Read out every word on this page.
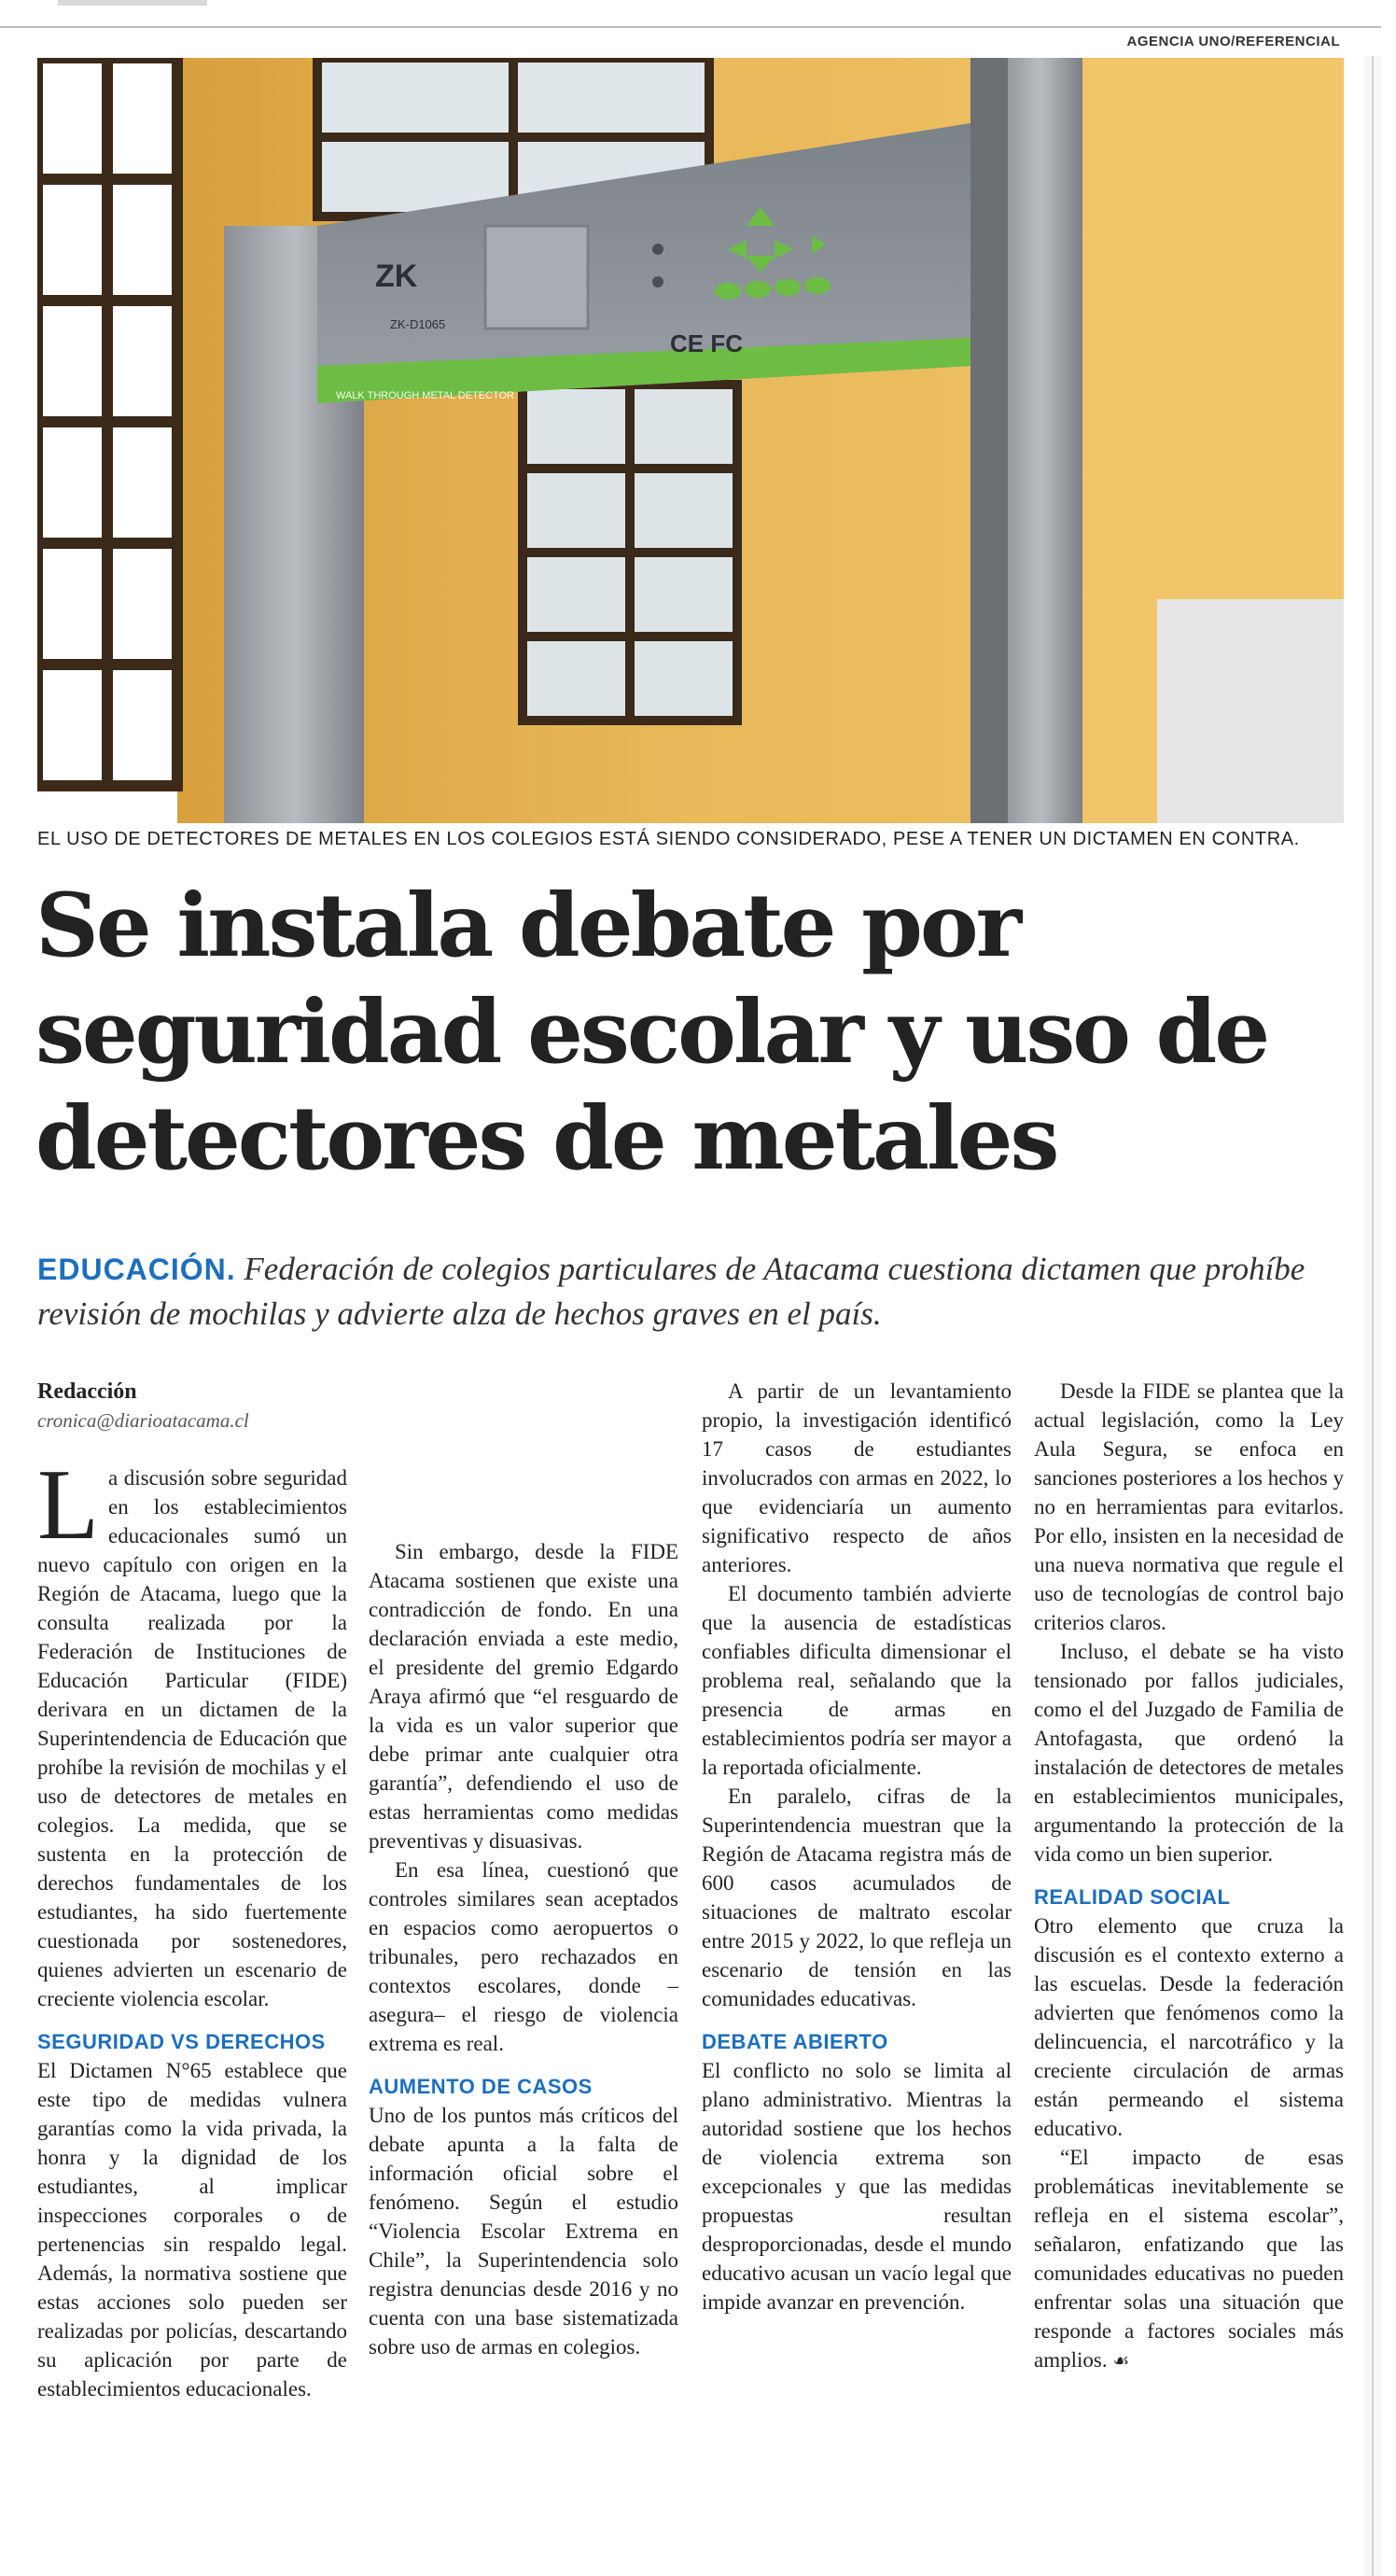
AGENCIA UNO/REFERENCIAL
ZK
ZK-D1065
CE FC
WALK THROUGH METAL DETECTOR
EL USO DE DETECTORES DE METALES EN LOS COLEGIOS ESTÁ SIENDO CONSIDERADO, PESE A TENER UN DICTAMEN EN CONTRA.
Se instala debate por
seguridad escolar y uso de
detectores de metales
EDUCACIÓN. Federación de colegios particulares de Atacama cuestiona dictamen que prohíbe revisión de mochilas y advierte alza de hechos graves en el país.

Redacción

cronica@diarioatacama.cl

La discusión sobre seguridad en los establecimientos educacionales sumó un nuevo capítulo con origen en la Región de Atacama, luego que la consulta realizada por la Federación de Instituciones de Educación Particular (FIDE) derivara en un dictamen de la Superintendencia de Educación que prohíbe la revisión de mochilas y el uso de detectores de metales en colegios. La medida, que se sustenta en la protección de derechos fundamentales de los estudiantes, ha sido fuertemente cuestionada por sostenedores, quienes advierten un escenario de creciente violencia escolar.

SEGURIDAD VS DERECHOS

El Dictamen N°65 establece que este tipo de medidas vulnera garantías como la vida privada, la honra y la dignidad de los estudiantes, al implicar inspecciones corporales o de pertenencias sin respaldo legal. Además, la normativa sostiene que estas acciones solo pueden ser realizadas por policías, descartando su aplicación por parte de establecimientos educacionales.

Sin embargo, desde la FIDE Atacama sostienen que existe una contradicción de fondo. En una declaración enviada a este medio, el presidente del gremio Edgardo Araya afirmó que “el resguardo de la vida es un valor superior que debe primar ante cualquier otra garantía”, defendiendo el uso de estas herramientas como medidas preventivas y disuasivas.

En esa línea, cuestionó que controles similares sean aceptados en espacios como aeropuertos o tribunales, pero rechazados en contextos escolares, donde –asegura– el riesgo de violencia extrema es real.

AUMENTO DE CASOS

Uno de los puntos más críticos del debate apunta a la falta de información oficial sobre el fenómeno. Según el estudio “Violencia Escolar Extrema en Chile”, la Superintendencia solo registra denuncias desde 2016 y no cuenta con una base sistematizada sobre uso de armas en colegios.

A partir de un levantamiento propio, la investigación identificó 17 casos de estudiantes involucrados con armas en 2022, lo que evidenciaría un aumento significativo respecto de años anteriores.

El documento también advierte que la ausencia de estadísticas confiables dificulta dimensionar el problema real, señalando que la presencia de armas en establecimientos podría ser mayor a la reportada oficialmente.

En paralelo, cifras de la Superintendencia muestran que la Región de Atacama registra más de 600 casos acumulados de situaciones de maltrato escolar entre 2015 y 2022, lo que refleja un escenario de tensión en las comunidades educativas.

DEBATE ABIERTO

El conflicto no solo se limita al plano administrativo. Mientras la autoridad sostiene que los hechos de violencia extrema son excepcionales y que las medidas propuestas resultan desproporcionadas, desde el mundo educativo acusan un vacío legal que impide avanzar en prevención.

Desde la FIDE se plantea que la actual legislación, como la Ley Aula Segura, se enfoca en sanciones posteriores a los hechos y no en herramientas para evitarlos. Por ello, insisten en la necesidad de una nueva normativa que regule el uso de tecnologías de control bajo criterios claros.

Incluso, el debate se ha visto tensionado por fallos judiciales, como el del Juzgado de Familia de Antofagasta, que ordenó la instalación de detectores de metales en establecimientos municipales, argumentando la protección de la vida como un bien superior.

REALIDAD SOCIAL

Otro elemento que cruza la discusión es el contexto externo a las escuelas. Desde la federación advierten que fenómenos como la delincuencia, el narcotráfico y la creciente circulación de armas están permeando el sistema educativo.

“El impacto de esas problemáticas inevitablemente se refleja en el sistema escolar”, señalaron, enfatizando que las comunidades educativas no pueden enfrentar solas una situación que responde a factores sociales más amplios. ☙
